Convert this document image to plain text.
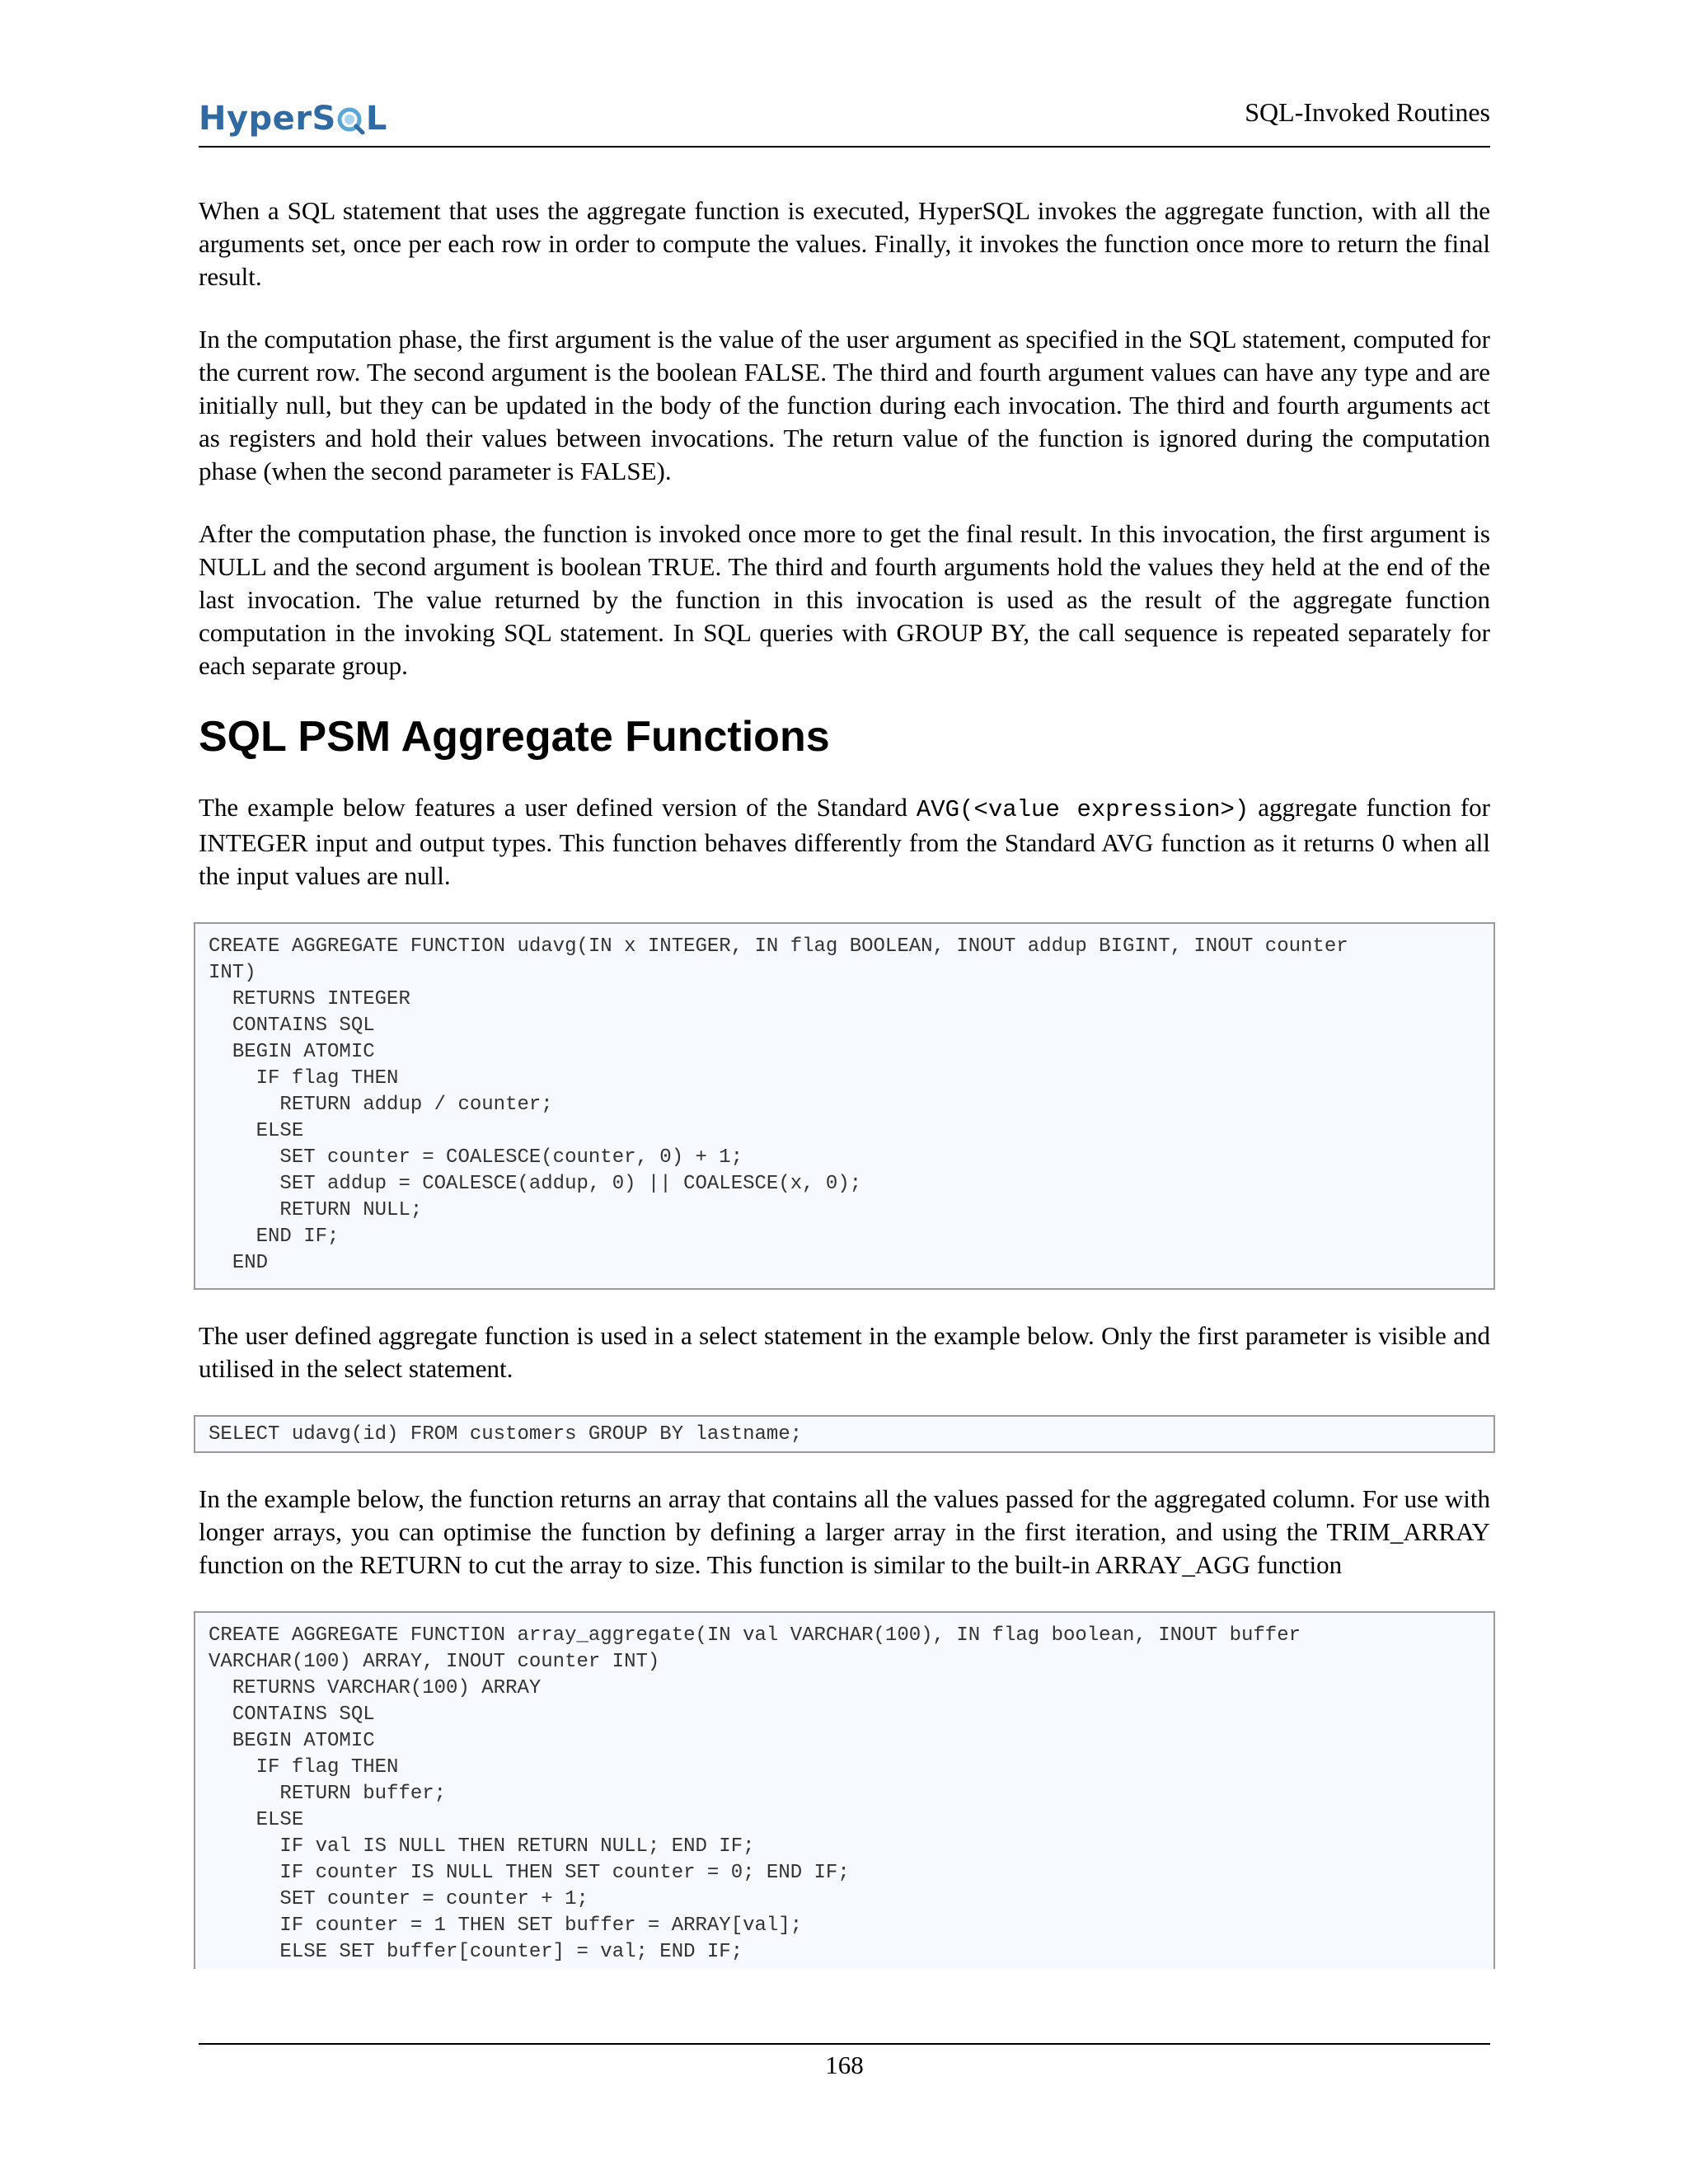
HyperS L	SQL-Invoked Routines

When a SQL statement that uses the aggregate function is executed, HyperSQL invokes the aggregate function, with all the arguments set, once per each row in order to compute the values. Finally, it invokes the function once more to return the final result.

In the computation phase, the first argument is the value of the user argument as specified in the SQL statement, computed for the current row. The second argument is the boolean FALSE. The third and fourth argument values can have any type and are initially null, but they can be updated in the body of the function during each invocation. The third and fourth arguments act as registers and hold their values between invocations. The return value of the function is ignored during the computation phase (when the second parameter is FALSE).

After the computation phase, the function is invoked once more to get the final result. In this invocation, the first argument is NULL and the second argument is boolean TRUE. The third and fourth arguments hold the values they held at the end of the last invocation. The value returned by the function in this invocation is used as the result of the aggregate function computation in the invoking SQL statement. In SQL queries with GROUP BY, the call sequence is repeated separately for each separate group.

SQL PSM Aggregate Functions

The example below features a user defined version of the Standard AVG(<value expression>) aggregate function for INTEGER input and output types. This function behaves differently from the Standard AVG function as it returns 0 when all the input values are null.

CREATE AGGREGATE FUNCTION udavg(IN x INTEGER, IN flag BOOLEAN, INOUT addup BIGINT, INOUT counter
INT)
RETURNS INTEGER
CONTAINS SQL
BEGIN ATOMIC
IF flag THEN
RETURN addup / counter;
ELSE
SET counter = COALESCE(counter, 0) + 1;
SET addup = COALESCE(addup, 0) || COALESCE(x, 0);
RETURN NULL;
END IF;
END

The user defined aggregate function is used in a select statement in the example below. Only the first parameter is visible and utilised in the select statement.

SELECT udavg(id) FROM customers GROUP BY lastname;

In the example below, the function returns an array that contains all the values passed for the aggregated column. For use with longer arrays, you can optimise the function by defining a larger array in the first iteration, and using the TRIM_ARRAY function on the RETURN to cut the array to size. This function is similar to the built-in ARRAY_AGG function

CREATE AGGREGATE FUNCTION array_aggregate(IN val VARCHAR(100), IN flag boolean, INOUT buffer
VARCHAR(100) ARRAY, INOUT counter INT)
RETURNS VARCHAR(100) ARRAY
CONTAINS SQL
BEGIN ATOMIC
IF flag THEN
RETURN buffer;
ELSE
IF val IS NULL THEN RETURN NULL; END IF;
IF counter IS NULL THEN SET counter = 0; END IF;
SET counter = counter + 1;
IF counter = 1 THEN SET buffer = ARRAY[val];
ELSE SET buffer[counter] = val; END IF;
168
